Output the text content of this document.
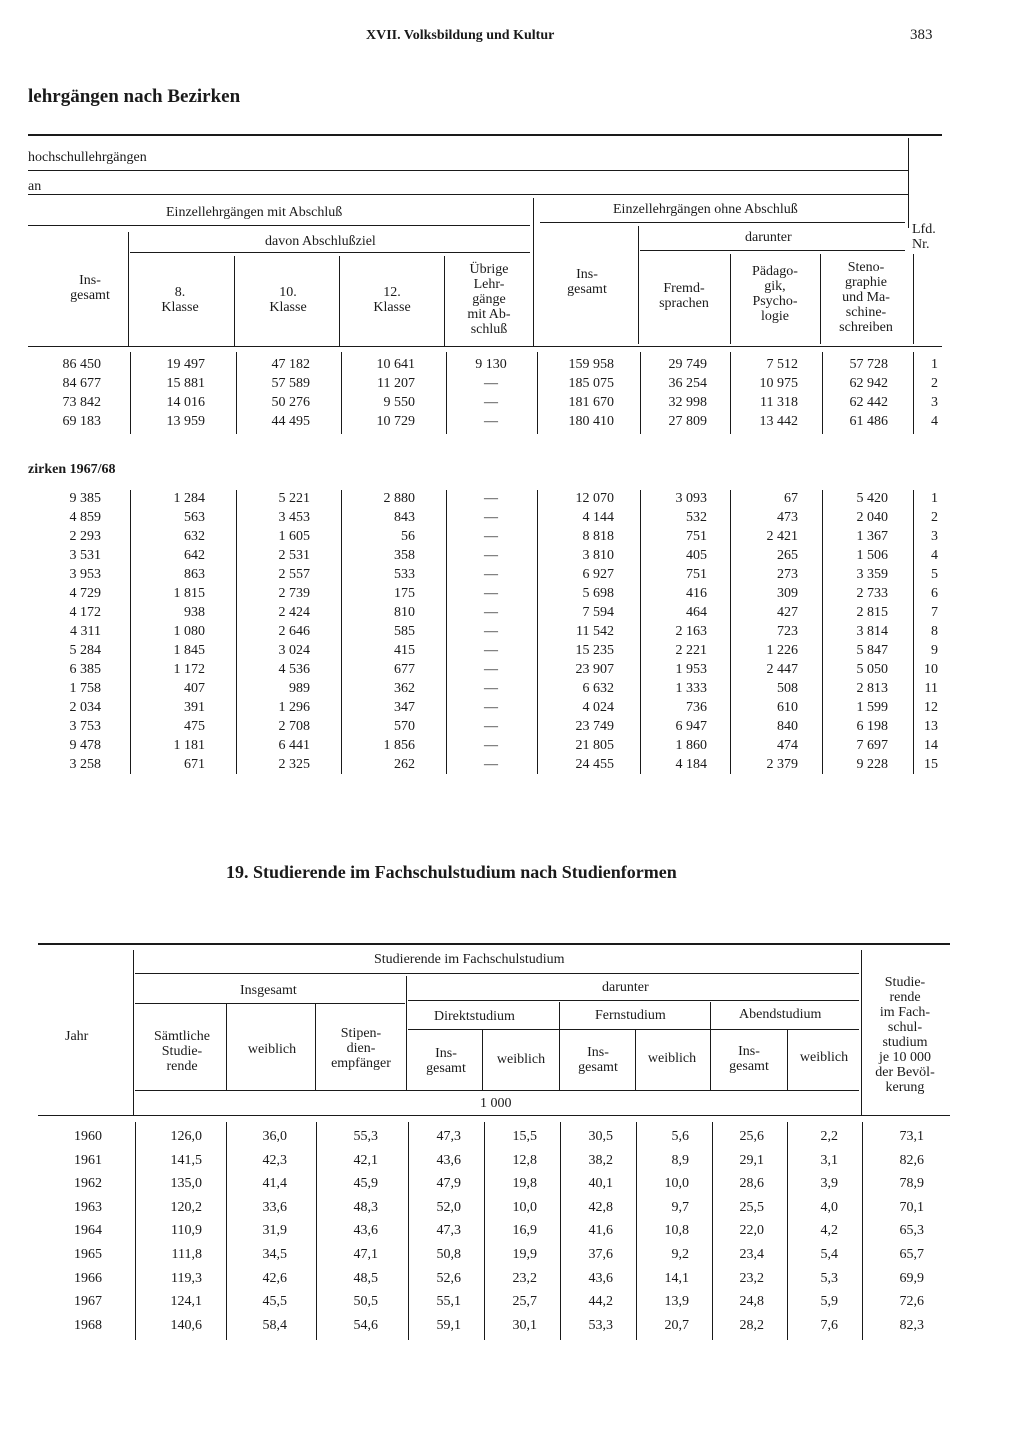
XVII. Volksbildung und Kultur	383
lehrgängen nach Bezirken
hochschullehrgängen
an
Einzellehrgängen mit Abschluß	Einzellehrgängen ohne Abschluß
davon Abschlußziel	darunter
Ins-
gesamt	8.
Klasse
10.
Klasse
12.
Klasse
Übrige
Lehr-
gänge
mit Ab-
schluß
Ins-
gesamt	Fremd-
sprachen
Pädago-
gik,
Psycho-
logie
Steno-
graphie
und Ma-
schine-
schreiben
Lfd.
Nr.
86 450	19 497	47 182	10 641	9 130	159 958	29 749	7 512	57 728	1
84 677	15 881	57 589	11 207	—	185 075	36 254	10 975	62 942	2
73 842	14 016	50 276	9 550	—	181 670	32 998	11 318	62 442	3
69 183	13 959	44 495	10 729	—	180 410	27 809	13 442	61 486	4
zirken 1967/68
9 385	1 284	5 221	2 880	—	12 070	3 093	67	5 420	1
4 859	563	3 453	843	—	4 144	532	473	2 040	2
2 293	632	1 605	56	—	8 818	751	2 421	1 367	3
3 531	642	2 531	358	—	3 810	405	265	1 506	4
3 953	863	2 557	533	—	6 927	751	273	3 359	5
4 729	1 815	2 739	175	—	5 698	416	309	2 733	6
4 172	938	2 424	810	—	7 594	464	427	2 815	7
4 311	1 080	2 646	585	—	11 542	2 163	723	3 814	8
5 284	1 845	3 024	415	—	15 235	2 221	1 226	5 847	9
6 385	1 172	4 536	677	—	23 907	1 953	2 447	5 050	10
1 758	407	989	362	—	6 632	1 333	508	2 813	11
2 034	391	1 296	347	—	4 024	736	610	1 599	12
3 753	475	2 708	570	—	23 749	6 947	840	6 198	13
9 478	1 181	6 441	1 856	—	21 805	1 860	474	7 697	14
3 258	671	2 325	262	—	24 455	4 184	2 379	9 228	15
19. Studierende im Fachschulstudium nach Studienformen
Studierende im Fachschulstudium
Insgesamt	darunter
Direktstudium	Fernstudium	Abendstudium
Jahr	Sämtliche
Studie-
rende
weiblich
Stipen-
dien-
empfänger
Ins-
gesamt
weiblich	Ins-
gesamt
weiblich	Ins-
gesamt
weiblich
Studie-
rende
im Fach-
schul-
studium
je 10 000
der Bevöl-
kerung
1 000
1960	126,0	36,0	55,3	47,3	15,5	30,5	5,6	25,6	2,2	73,1
1961	141,5	42,3	42,1	43,6	12,8	38,2	8,9	29,1	3,1	82,6
1962	135,0	41,4	45,9	47,9	19,8	40,1	10,0	28,6	3,9	78,9
1963	120,2	33,6	48,3	52,0	10,0	42,8	9,7	25,5	4,0	70,1
1964	110,9	31,9	43,6	47,3	16,9	41,6	10,8	22,0	4,2	65,3
1965	111,8	34,5	47,1	50,8	19,9	37,6	9,2	23,4	5,4	65,7
1966	119,3	42,6	48,5	52,6	23,2	43,6	14,1	23,2	5,3	69,9
1967	124,1	45,5	50,5	55,1	25,7	44,2	13,9	24,8	5,9	72,6
1968	140,6	58,4	54,6	59,1	30,1	53,3	20,7	28,2	7,6	82,3
